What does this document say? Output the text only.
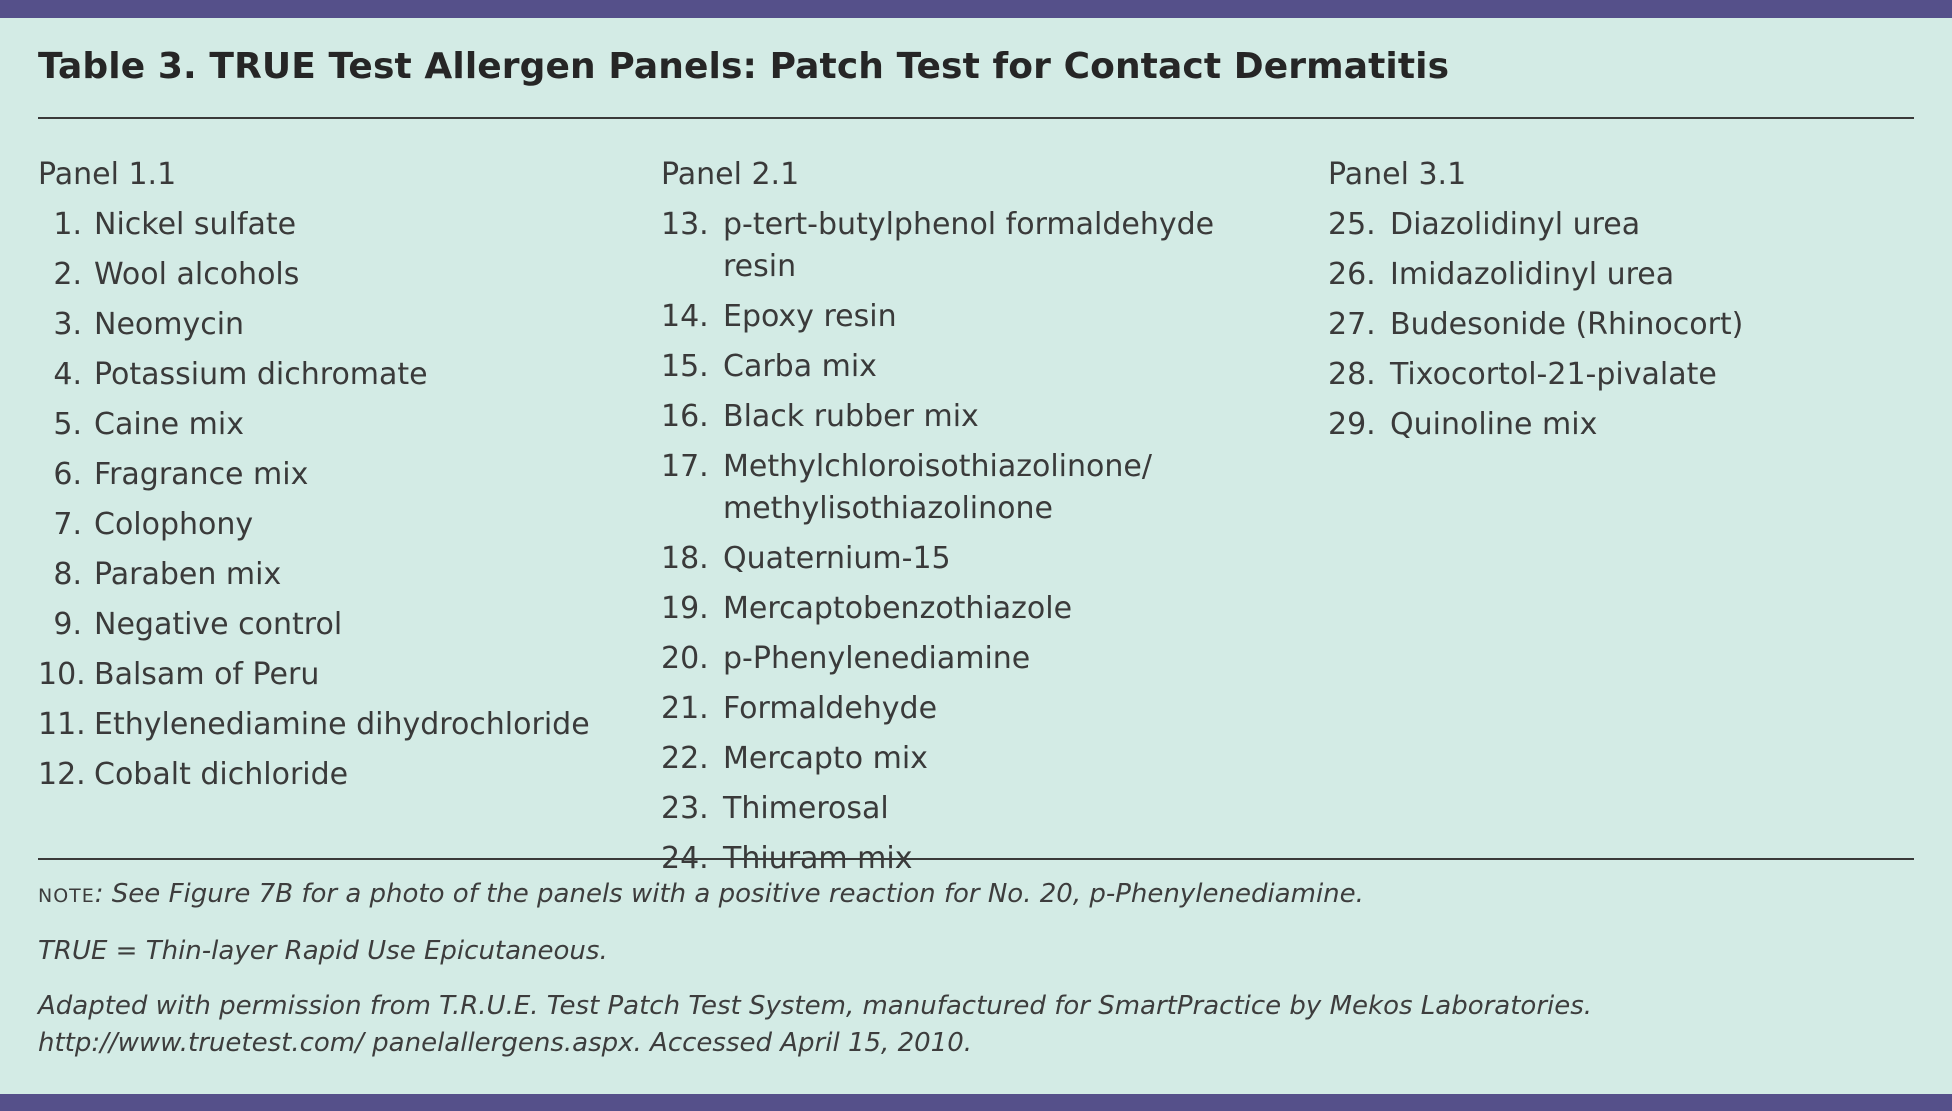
Table 3. TRUE Test Allergen Panels: Patch Test for Contact Dermatitis
Panel 1.1
1. Nickel sulfate
2. Wool alcohols
3. Neomycin
4. Potassium dichromate
5. Caine mix
6. Fragrance mix
7. Colophony
8. Paraben mix
9. Negative control
10. Balsam of Peru
11. Ethylenediamine dihydrochloride
12. Cobalt dichloride
Panel 2.1
13. p-tert-butylphenol formaldehyde resin
14. Epoxy resin
15. Carba mix
16. Black rubber mix
17. Methylchloroisothiazolinone/ methylisothiazolinone
18. Quaternium-15
19. Mercaptobenzothiazole
20. p-Phenylenediamine
21. Formaldehyde
22. Mercapto mix
23. Thimerosal
24. Thiuram mix
Panel 3.1
25. Diazolidinyl urea
26. Imidazolidinyl urea
27. Budesonide (Rhinocort)
28. Tixocortol-21-pivalate
29. Quinoline mix

NOTE: See Figure 7B for a photo of the panels with a positive reaction for No. 20, p-Phenylenediamine.

TRUE = Thin-layer Rapid Use Epicutaneous.

Adapted with permission from T.R.U.E. Test Patch Test System, manufactured for SmartPractice by Mekos Laboratories. http://www.truetest.com/ panelallergens.aspx. Accessed April 15, 2010.
